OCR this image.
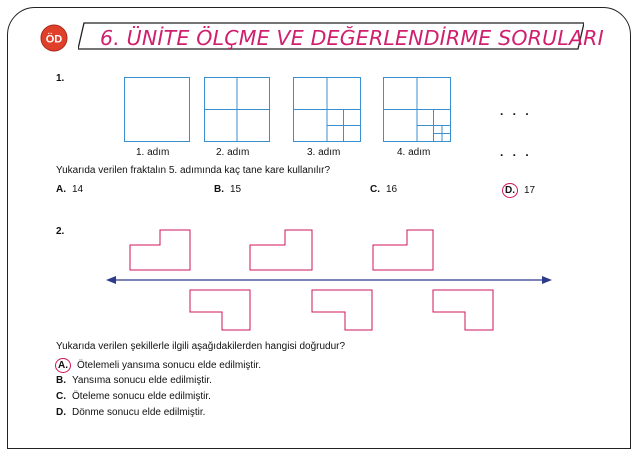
ÖD 6. ÜNİTE ÖLÇME VE DEĞERLENDİRME SORULARI
1.
1. adım	2. adım	3. adım	4. adım
. . .
. . .
Yukarıda verilen fraktalın 5. adımında kaç tane kare kullanılır?
A. 14	B. 15	C. 16	D. 17
2.
Yukarıda verilen şekillerle ilgili aşağıdakilerden hangisi doğrudur?
A. Ötelemeli yansıma sonucu elde edilmiştir.
B. Yansıma sonucu elde edilmiştir.
C. Öteleme sonucu elde edilmiştir.
D. Dönme sonucu elde edilmiştir.
